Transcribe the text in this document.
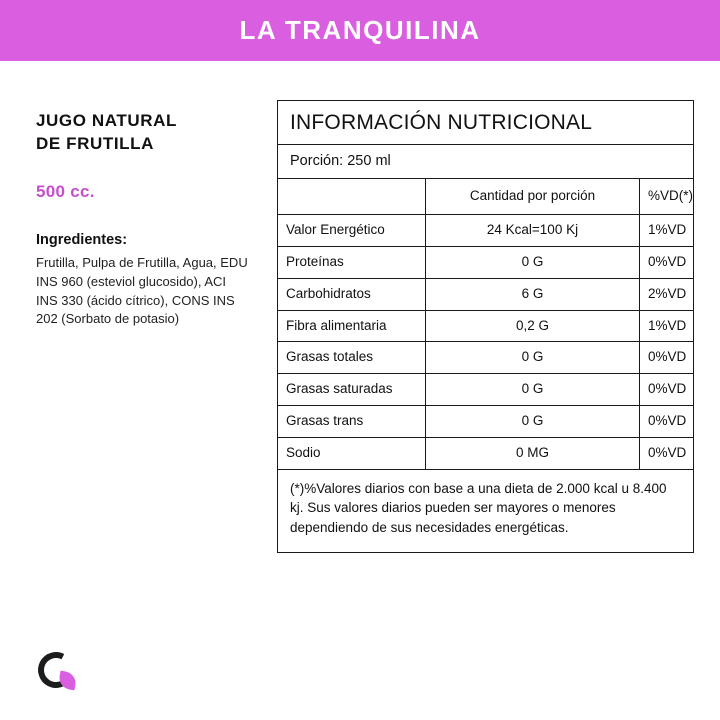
LA TRANQUILINA
JUGO NATURAL
DE FRUTILLA
500 cc.
Ingredientes:
Frutilla, Pulpa de Frutilla, Agua, EDU INS 960 (esteviol glucosido), ACI INS 330 (ácido cítrico), CONS INS 202 (Sorbato de potasio)
INFORMACIÓN NUTRICIONAL
Porción: 250 ml
	Cantidad por porción	%VD(*)
Valor Energético	24 Kcal=100 Kj	1%VD
Proteínas	0 G	0%VD
Carbohidratos	6 G	2%VD
Fibra alimentaria	0,2 G	1%VD
Grasas totales	0 G	0%VD
Grasas saturadas	0 G	0%VD
Grasas trans	0 G	0%VD
Sodio	0 MG	0%VD
(*)%Valores diarios con base a una dieta de 2.000 kcal u 8.400 kj. Sus valores diarios pueden ser mayores o menores dependiendo de sus necesidades energéticas.
